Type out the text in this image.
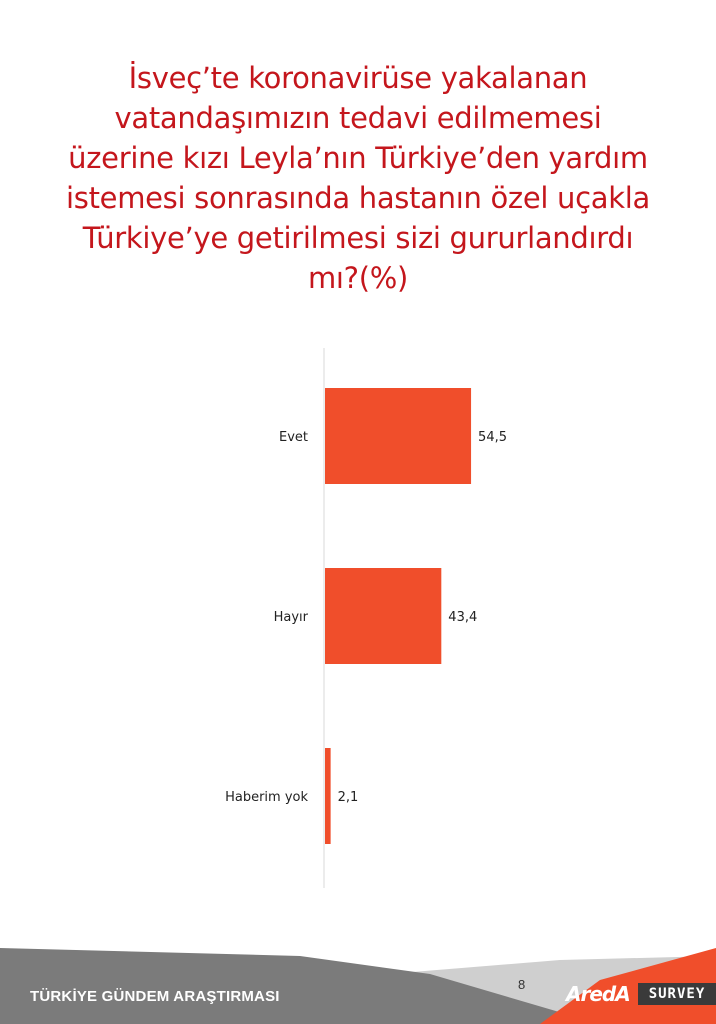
İsveç’te koronavirüse yakalanan
vatandaşımızın tedavi edilmemesi
üzerine kızı Leyla’nın Türkiye’den yardım
istemesi sonrasında hastanın özel uçakla
Türkiye’ye getirilmesi sizi gururlandırdı
mı?(%)
Evet	54,5
Hayır	43,4
Haberim yok 2,1
TÜRKİYE GÜNDEM ARAŞTIRMASI
8 AredA	SURVEY
